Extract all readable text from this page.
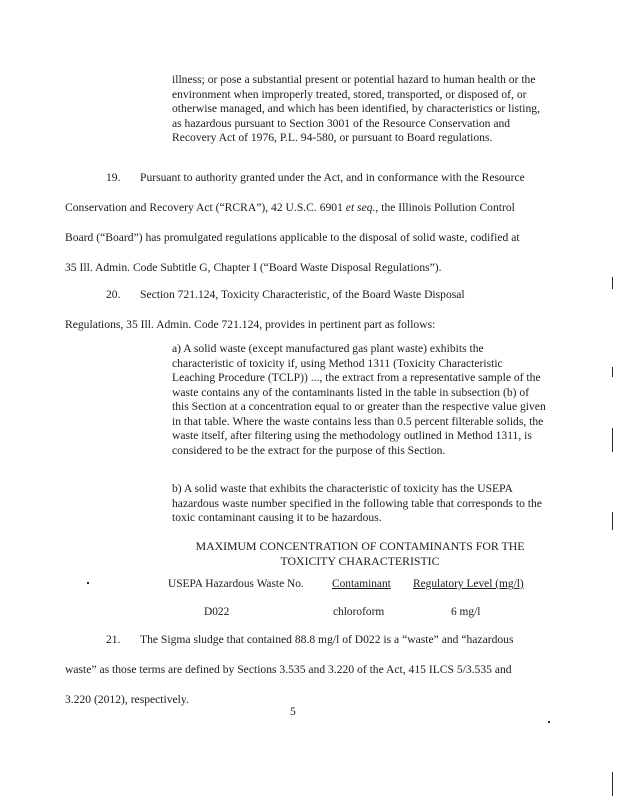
illness; or pose a substantial present or potential hazard to human health or the environment when improperly treated, stored, transported, or disposed of, or otherwise managed, and which has been identified, by characteristics or listing, as hazardous pursuant to Section 3001 of the Resource Conservation and Recovery Act of 1976, P.L. 94-580, or pursuant to Board regulations.

19. Pursuant to authority granted under the Act, and in conformance with the Resource
Conservation and Recovery Act (“RCRA”), 42 U.S.C. 6901 et seq., the Illinois Pollution Control
Board (“Board”) has promulgated regulations applicable to the disposal of solid waste, codified at
35 Ill. Admin. Code Subtitle G, Chapter I (“Board Waste Disposal Regulations”).
20. Section 721.124, Toxicity Characteristic, of the Board Waste Disposal
Regulations, 35 Ill. Admin. Code 721.124, provides in pertinent part as follows:

a) A solid waste (except manufactured gas plant waste) exhibits the characteristic of toxicity if, using Method 1311 (Toxicity Characteristic Leaching Procedure (TCLP)) ..., the extract from a representative sample of the waste contains any of the contaminants listed in the table in subsection (b) of this Section at a concentration equal to or greater than the respective value given in that table. Where the waste contains less than 0.5 percent filterable solids, the waste itself, after filtering using the methodology outlined in Method 1311, is considered to be the extract for the purpose of this Section.

b) A solid waste that exhibits the characteristic of toxicity has the USEPA hazardous waste number specified in the following table that corresponds to the toxic contaminant causing it to be hazardous.

MAXIMUM CONCENTRATION OF CONTAMINANTS FOR THE TOXICITY CHARACTERISTIC
USEPA Hazardous Waste No. Contaminant Regulatory Level (mg/l)
D022	chloroform	6 mg/l
21. The Sigma sludge that contained 88.8 mg/l of D022 is a “waste” and “hazardous
waste” as those terms are defined by Sections 3.535 and 3.220 of the Act, 415 ILCS 5/3.535 and
3.220 (2012), respectively.
5
